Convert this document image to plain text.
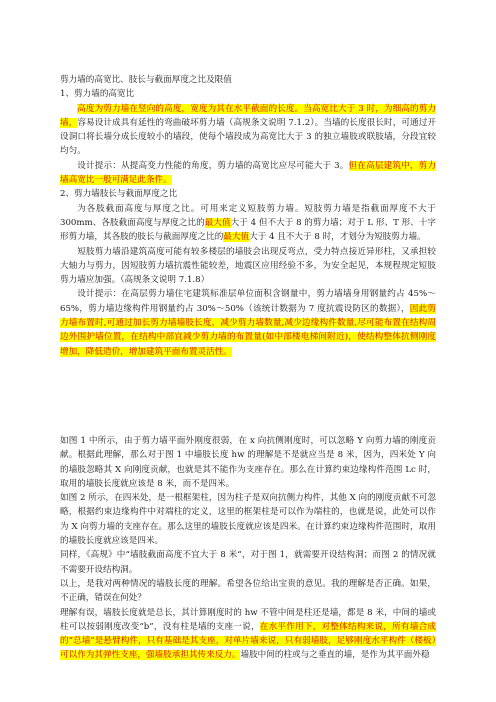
剪力墙的高宽比、肢长与截面厚度之比及限值

1、剪力墙的高宽比

高度为剪力墙在竖向的高度，宽度为其在水平截面的长度。当高宽比大于 3 时，为细高的剪力墙，容易设计成具有延性的弯曲破坏剪力墙（高规条文说明 7.1.2）。当墙的长度很长时，可通过开设洞口将长墙分成长度较小的墙段，使每个墙段成为高宽比大于 3 的独立墙肢或联肢墙，分段宜较均匀。

设计提示：从提高变力性能的角度，剪力墙的高宽比应尽可能大于 3。但在高层建筑中，剪力墙高宽比一般可满足此条件。

2、剪力墙肢长与截面厚度之比

为各肢截面高度与厚度之比。可用来定义短肢剪力墙。短肢剪力墙是指截面厚度不大于 300mm、各肢截面高度与厚度之比的最大值大于 4 但不大于 8 的剪力墙；对于 L 形、T 形、十字形剪力墙，其各肢的肢长与截面厚度之比的最大值大于 4 且不大于 8 时，才划分为短肢剪力墙。

短肢剪力墙沿建筑高度可能有较多楼层的墙肢会出现反弯点，受力特点接近异形柱，又承担较大轴力与剪力，因短肢剪力墙抗震性能较差，地震区应用经验不多，为安全起见，本规程规定短肢剪力墙应加强。（高规条文说明 7.1.8）

设计提示：在高层剪力墙住宅建筑标准层单位面积含钢量中，剪力墙墙身用钢量约占 45%～65%，剪力墙边缘构件用钢量约占 30%～50%（该统计数据为 7 度抗震设防区的数据），因此剪力墙布置时,可通过加长剪力墙墙肢长度，减少剪力墙数量,减少边缘构件数量,尽可能布置在结构周边外围护墙位置，在结构中部宜减少剪力墙的布置量(如中部楼电梯间附近)，使结构整体抗侧刚度增加，降低造价，增加建筑平面布置灵活性。

如图 1 中所示，由于剪力墙平面外刚度很弱，在 x 向抗侧刚度时，可以忽略 Y 向剪力墙的刚度贡献。根据此理解，那么对于图 1 中墙肢长度 hw 的理解是不是就应当是 8 米，因为，四米处 Y 向的墙肢忽略其 X 向刚度贡献，也就是其不能作为支座存在。那么在计算约束边缘构件范围 Lc 时，取用的墙肢长度就应该是 8 米，而不是四米。

如图 2 所示，在四米处，是一根框架柱，因为柱子是双向抗侧力构件，其他 X 向的刚度贡献不可忽略，根据约束边缘构件中对端柱的定义，这里的框架柱是可以作为端柱的，也就是说，此处可以作为 X 向剪力墙的支座存在。那么这里的墙肢长度就应该是四米。在计算约束边缘构件范围时，取用的墙肢长度就应该是四米。

同样，《高规》中“墙肢截面高度不宜大于 8 米“，对于图 1，就需要开设结构洞；而图 2 的情况就不需要开设结构洞。

以上，是我对两种情况的墙肢长度的理解。希望各位给出宝贵的意见。我的理解是否正确。如果，不正确，错误在何处？

理解有误，墙肢长度就是总长，其计算刚度时的 hw 不管中间是柱还是墙，都是 8 米，中间的墙或柱可以按弱刚度改变“b”，没有柱是墙的支座一说，在水平作用下，对整体结构来说，所有墙合成的“总墙”是悬臂构件，只有基础是其支座，对单片墙来说，只有弱墙肢，足够刚度水平构件（楼板）可以作为其弹性支座，强墙肢承担其传来反力。墙肢中间的柱或与之垂直的墙，是作为其平面外稳
